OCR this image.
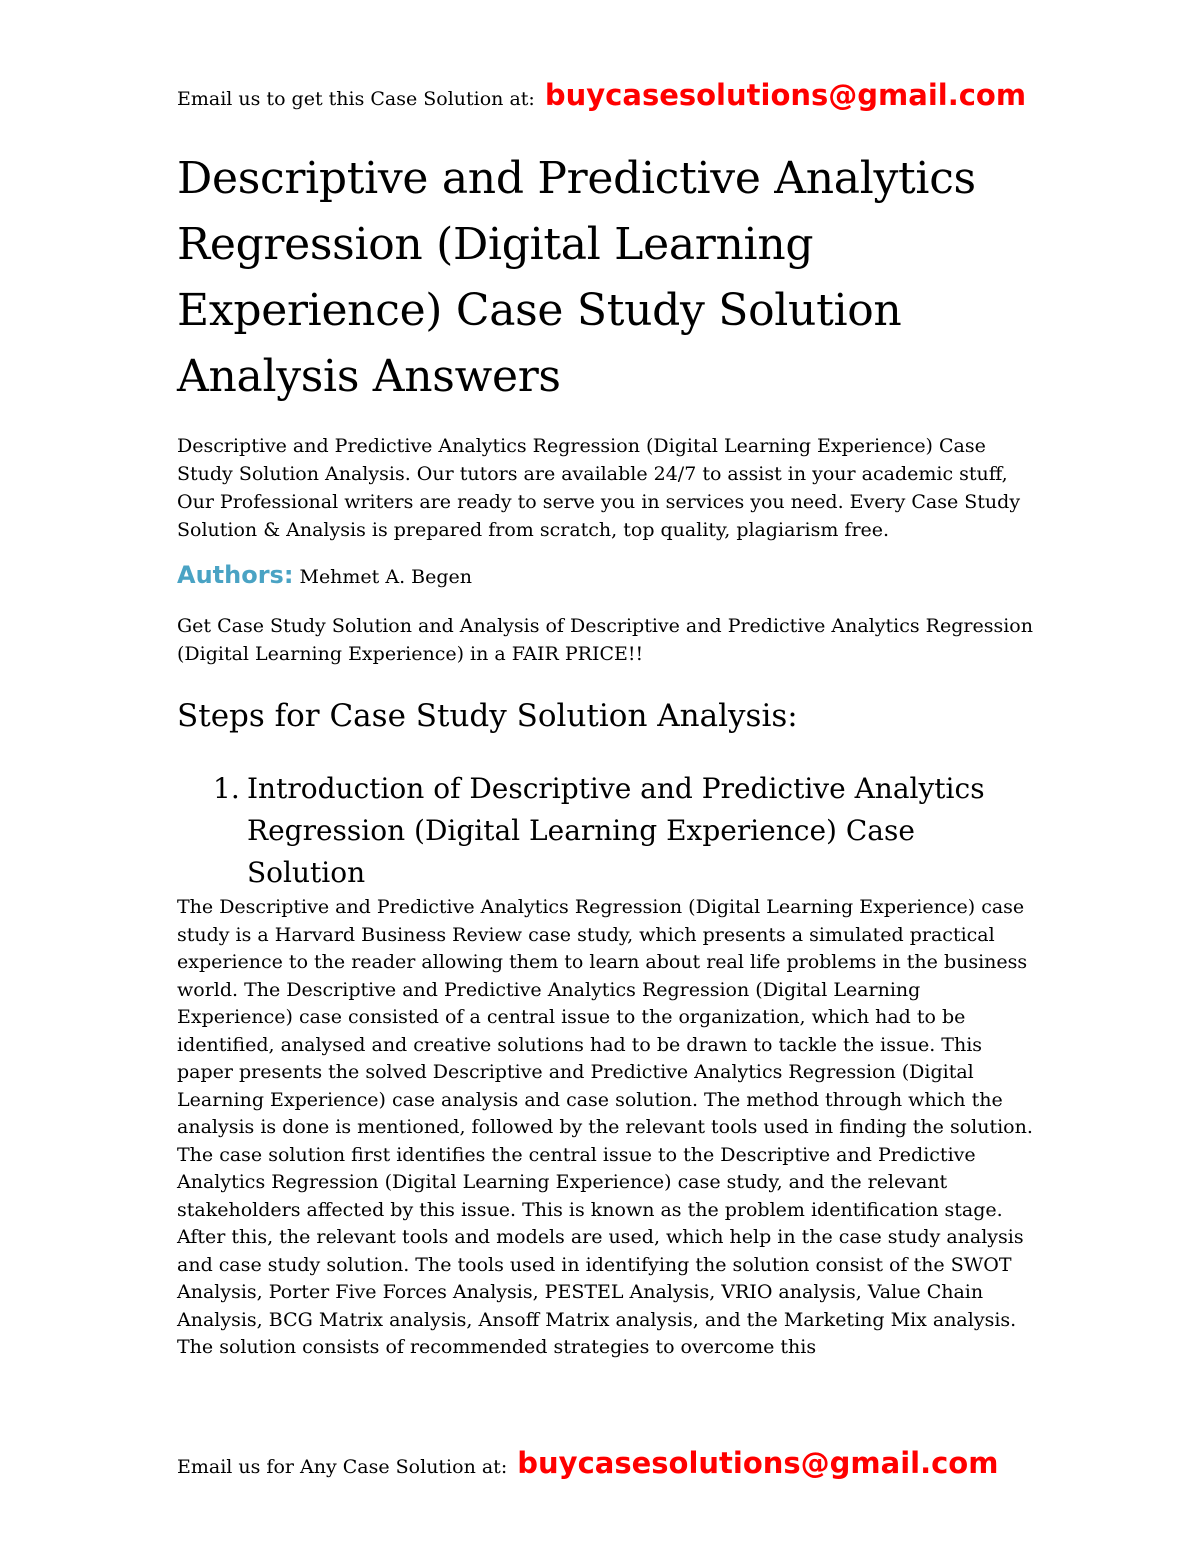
Email us to get this Case Solution at: buycasesolutions@gmail.com
Descriptive and Predictive Analytics Regression (Digital Learning Experience) Case Study Solution Analysis Answers

Descriptive and Predictive Analytics Regression (Digital Learning Experience) Case Study Solution Analysis. Our tutors are available 24/7 to assist in your academic stuff, Our Professional writers are ready to serve you in services you need. Every Case Study Solution & Analysis is prepared from scratch, top quality, plagiarism free.

Authors: Mehmet A. Begen

Get Case Study Solution and Analysis of Descriptive and Predictive Analytics Regression (Digital Learning Experience) in a FAIR PRICE!!

Steps for Case Study Solution Analysis:
1. Introduction of Descriptive and Predictive Analytics Regression (Digital Learning Experience) Case Solution

The Descriptive and Predictive Analytics Regression (Digital Learning Experience) case study is a Harvard Business Review case study, which presents a simulated practical experience to the reader allowing them to learn about real life problems in the business world. The Descriptive and Predictive Analytics Regression (Digital Learning Experience) case consisted of a central issue to the organization, which had to be identified, analysed and creative solutions had to be drawn to tackle the issue. This paper presents the solved Descriptive and Predictive Analytics Regression (Digital Learning Experience) case analysis and case solution. The method through which the analysis is done is mentioned, followed by the relevant tools used in finding the solution.

The case solution first identifies the central issue to the Descriptive and Predictive Analytics Regression (Digital Learning Experience) case study, and the relevant stakeholders affected by this issue. This is known as the problem identification stage. After this, the relevant tools and models are used, which help in the case study analysis and case study solution. The tools used in identifying the solution consist of the SWOT Analysis, Porter Five Forces Analysis, PESTEL Analysis, VRIO analysis, Value Chain Analysis, BCG Matrix analysis, Ansoff Matrix analysis, and the Marketing Mix analysis. The solution consists of recommended strategies to overcome this

Email us for Any Case Solution at: buycasesolutions@gmail.com
